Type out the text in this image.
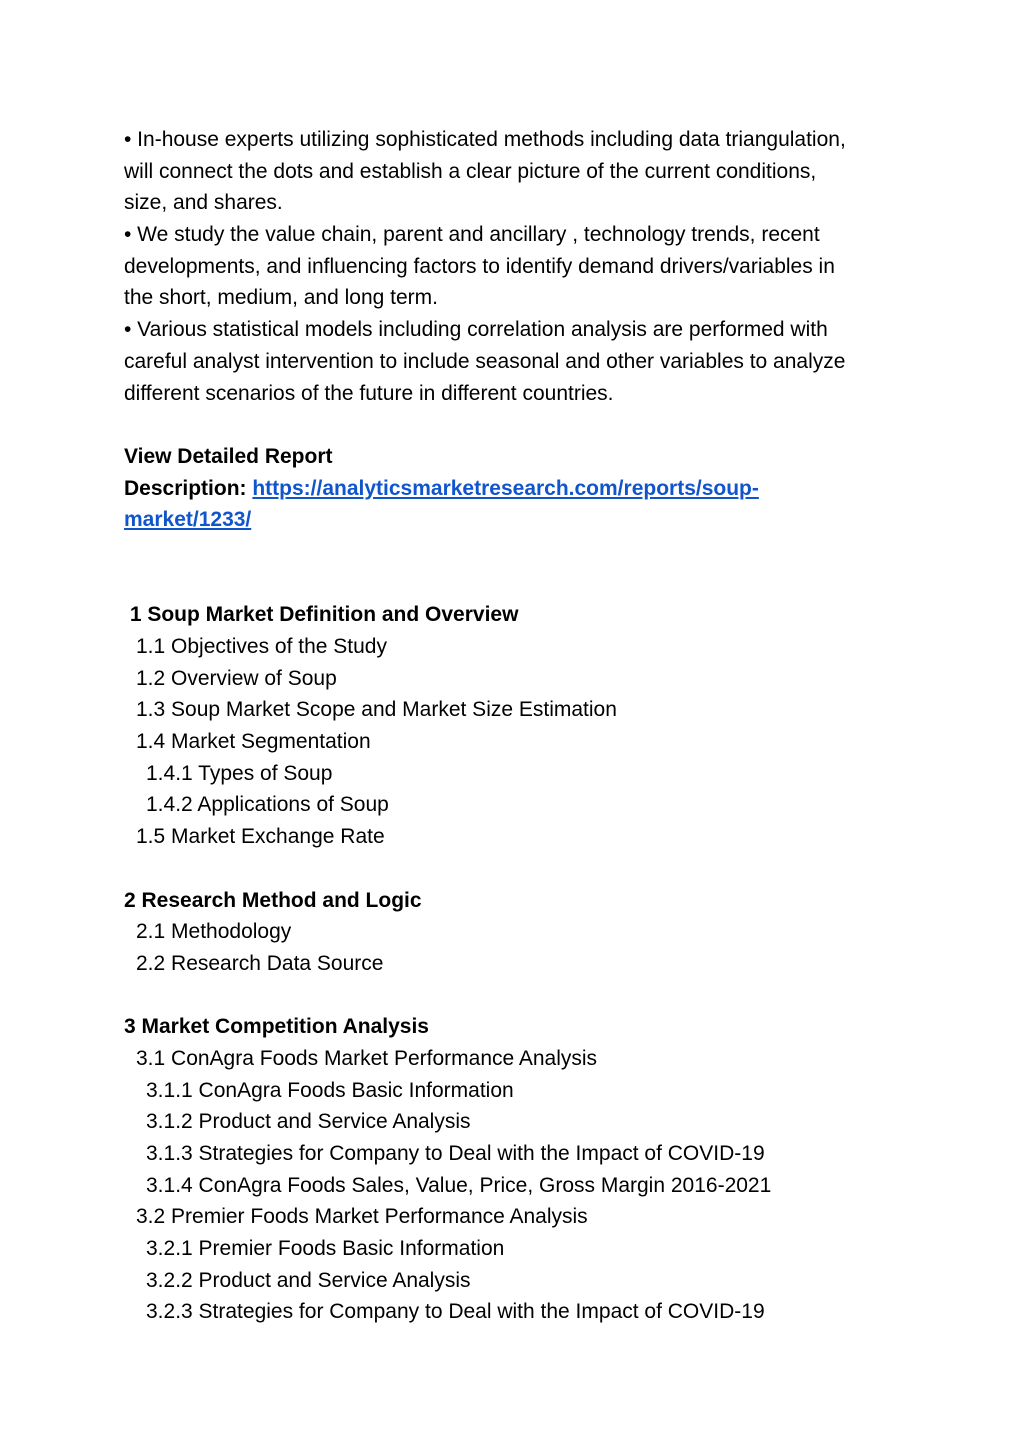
• In-house experts utilizing sophisticated methods including data triangulation,
will connect the dots and establish a clear picture of the current conditions,
size, and shares.
• We study the value chain, parent and ancillary , technology trends, recent
developments, and influencing factors to identify demand drivers/variables in
the short, medium, and long term.
• Various statistical models including correlation analysis are performed with
careful analyst intervention to include seasonal and other variables to analyze
different scenarios of the future in different countries.
View Detailed Report
Description: https://analyticsmarketresearch.com/reports/soup-
market/1233/
1 Soup Market Definition and Overview
1.1 Objectives of the Study
1.2 Overview of Soup
1.3 Soup Market Scope and Market Size Estimation
1.4 Market Segmentation
1.4.1 Types of Soup
1.4.2 Applications of Soup
1.5 Market Exchange Rate
2 Research Method and Logic
2.1 Methodology
2.2 Research Data Source
3 Market Competition Analysis
3.1 ConAgra Foods Market Performance Analysis
3.1.1 ConAgra Foods Basic Information
3.1.2 Product and Service Analysis
3.1.3 Strategies for Company to Deal with the Impact of COVID-19
3.1.4 ConAgra Foods Sales, Value, Price, Gross Margin 2016-2021
3.2 Premier Foods Market Performance Analysis
3.2.1 Premier Foods Basic Information
3.2.2 Product and Service Analysis
3.2.3 Strategies for Company to Deal with the Impact of COVID-19
